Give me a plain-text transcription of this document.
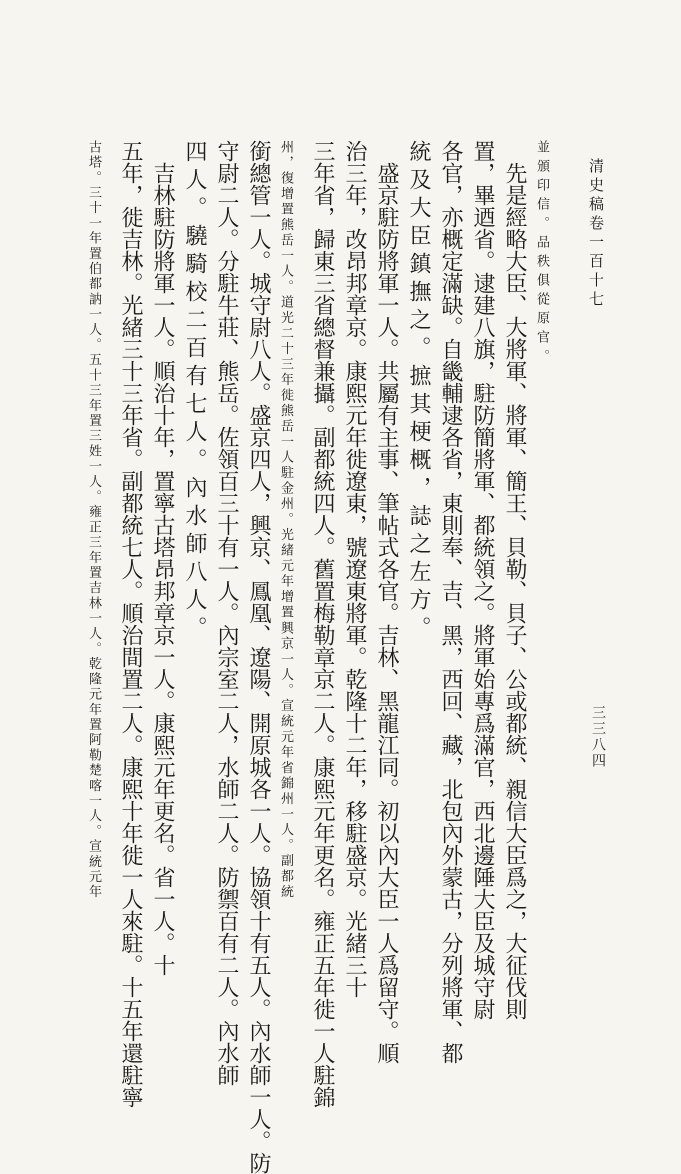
清史稿卷一百十七
三三八四
並頒印信。品秩俱從原官。
先是經略大臣、大將軍、將軍、簡王、貝勒、貝子、公或都統、親信大臣爲之，大征伐則
置，畢迺省。逮建八旗，駐防簡將軍、都統領之。將軍始專爲滿官，西北邊陲大臣及城守尉
各官，亦概定滿缺。自畿輔逮各省，東則奉、吉、黑，西回、藏，北包內外蒙古，分列將軍、都
統及大臣鎮撫之。摭其梗概，誌之左方。
盛京駐防將軍一人。共屬有主事、筆帖式各官。吉林、黑龍江同。初以內大臣一人爲留守。順
治三年，改昂邦章京。康熙元年徙遼東，號遼東將軍。乾隆十二年，移駐盛京。光緒三十
三年省，歸東三省總督兼攝。副都統四人。舊置梅勒章京二人。康熙元年更名。雍正五年徙一人駐錦
州，復增置熊岳一人。道光二十三年徙熊岳一人駐金州。光緒元年增置興京一人。宣統元年省錦州一人。副都統
銜總管一人。城守尉八人。盛京四人，興京、鳳凰、遼陽、開原城各一人。協領十有五人。內水師一人。防
守尉二人。分駐牛莊、熊岳。佐領百三十有一人。內宗室二人，水師二人。防禦百有二人。內水師
四人。驍騎校二百有七人。內水師八人。
吉林駐防將軍一人。順治十年，置寧古塔昂邦章京一人。康熙元年更名。省一人。十
五年，徙吉林。光緒三十三年省。副都統七人。順治間置二人。康熙十年徙一人來駐。十五年還駐寧
古塔。三十一年置伯都訥一人。五十三年置三姓一人。雍正三年置吉林一人。乾隆元年置阿勒楚喀一人。宣統元年
